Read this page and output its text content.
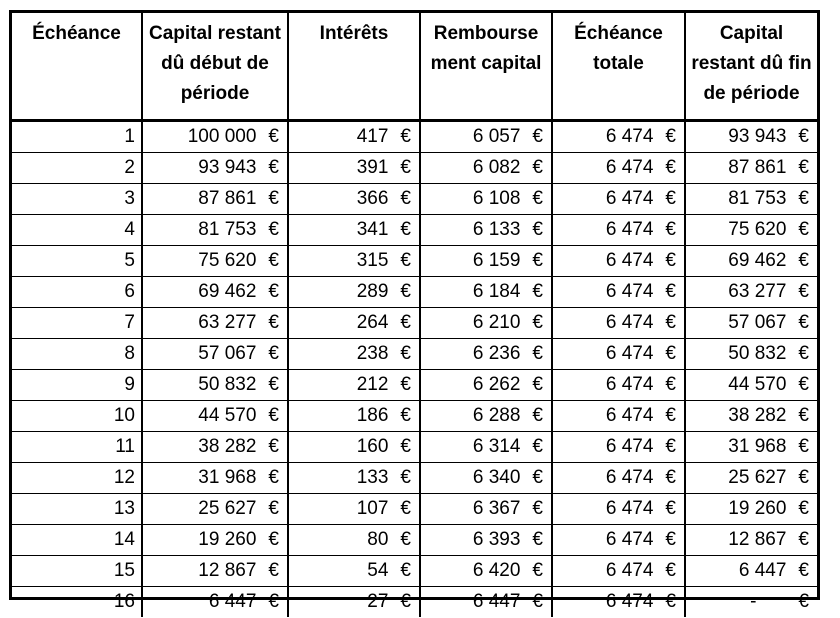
Échéance	Capital restant dû début de période	Intérêts	Rembourse ment capital	Échéance totale	Capital restant dû fin de période
1	100 000 €	417 €	6 057 €	6 474 €	93 943 €

2	93 943 €	391 €	6 082 €	6 474 €	87 861 €

3	87 861 €	366 €	6 108 €	6 474 €	81 753 €

4	81 753 €	341 €	6 133 €	6 474 €	75 620 €

5	75 620 €	315 €	6 159 €	6 474 €	69 462 €

6	69 462 €	289 €	6 184 €	6 474 €	63 277 €

7	63 277 €	264 €	6 210 €	6 474 €	57 067 €

8	57 067 €	238 €	6 236 €	6 474 €	50 832 €

9	50 832 €	212 €	6 262 €	6 474 €	44 570 €

10	44 570 €	186 €	6 288 €	6 474 €	38 282 €

11	38 282 €	160 €	6 314 €	6 474 €	31 968 €

12	31 968 €	133 €	6 340 €	6 474 €	25 627 €

13	25 627 €	107 €	6 367 €	6 474 €	19 260 €

14	19 260 €	80 €	6 393 €	6 474 €	12 867 €

15	12 867 €	54 €	6 420 €	6 474 €	6 447 €

16	6 447 €	27 €	6 447 €	6 474 €	- €
